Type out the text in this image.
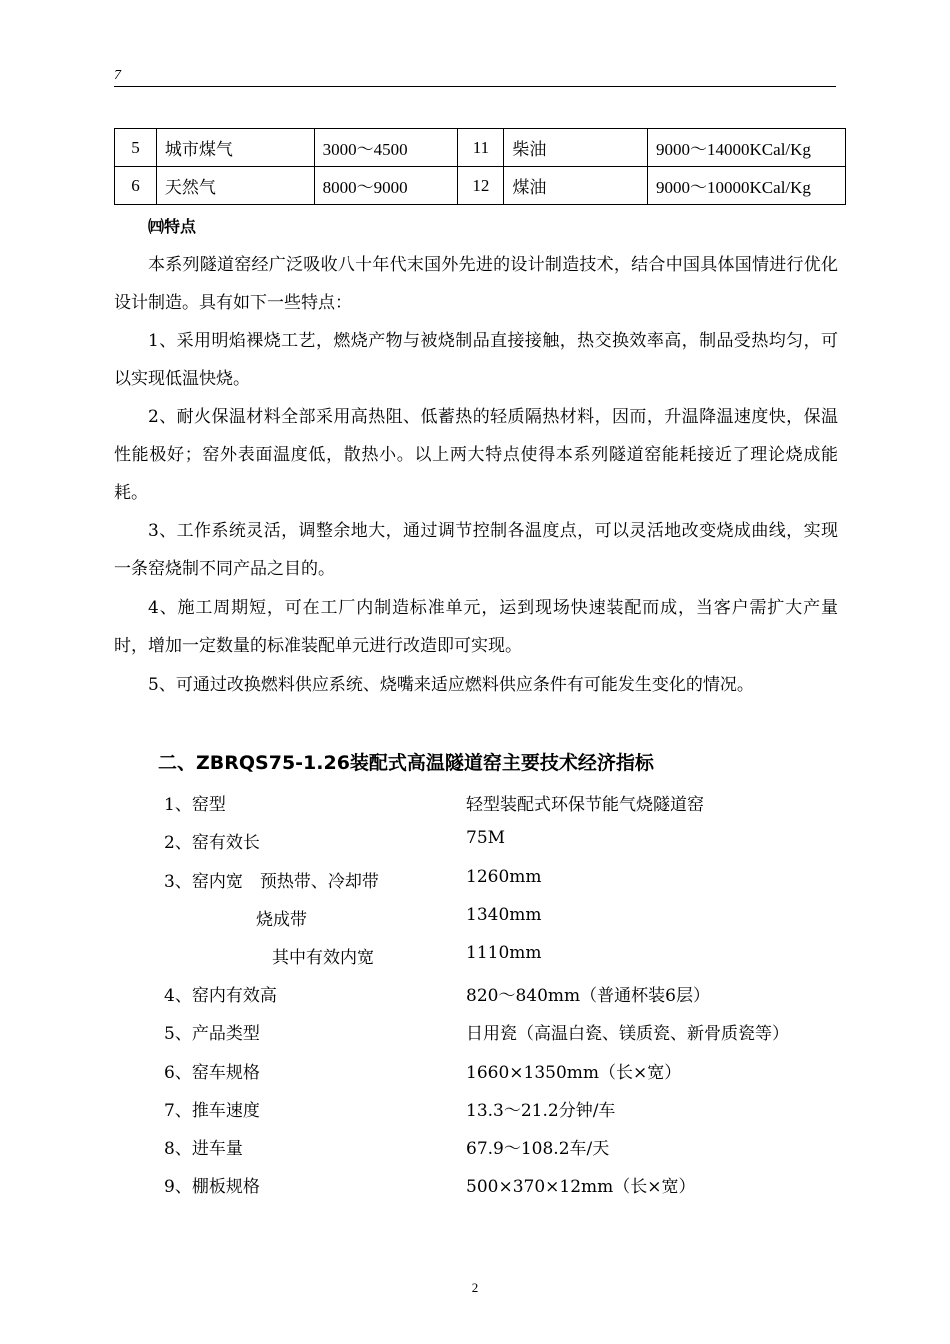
7
5	城市煤气	3000～4500	11	柴油	9000～14000KCal/Kg
6	天然气	8000～9000	12	煤油	9000～10000KCal/Kg
㈣特点
本系列隧道窑经广泛吸收八十年代末国外先进的设计制造技术，结合中国具体国情进行优化设计制造。具有如下一些特点：
1、采用明焰裸烧工艺，燃烧产物与被烧制品直接接触，热交换效率高，制品受热均匀，可以实现低温快烧。
2、耐火保温材料全部采用高热阻、低蓄热的轻质隔热材料，因而，升温降温速度快，保温性能极好；窑外表面温度低，散热小。以上两大特点使得本系列隧道窑能耗接近了理论烧成能耗。
3、工作系统灵活，调整余地大，通过调节控制各温度点，可以灵活地改变烧成曲线，实现一条窑烧制不同产品之目的。
4、施工周期短，可在工厂内制造标准单元，运到现场快速装配而成，当客户需扩大产量时，增加一定数量的标准装配单元进行改造即可实现。
5、可通过改换燃料供应系统、烧嘴来适应燃料供应条件有可能发生变化的情况。
二、ZBRQS75-1.26装配式高温隧道窑主要技术经济指标
1、窑型	轻型装配式环保节能气烧隧道窑
2、窑有效长	75M
3、窑内宽　预热带、冷却带	1260mm
烧成带	1340mm
其中有效内宽	1110mm
4、窑内有效高	820～840mm（普通杯装6层）
5、产品类型	日用瓷（高温白瓷、镁质瓷、新骨质瓷等）
6、窑车规格	1660×1350mm（长×宽）
7、推车速度	13.3～21.2分钟/车
8、进车量	67.9～108.2车/天
9、棚板规格	500×370×12mm（长×宽）
2
